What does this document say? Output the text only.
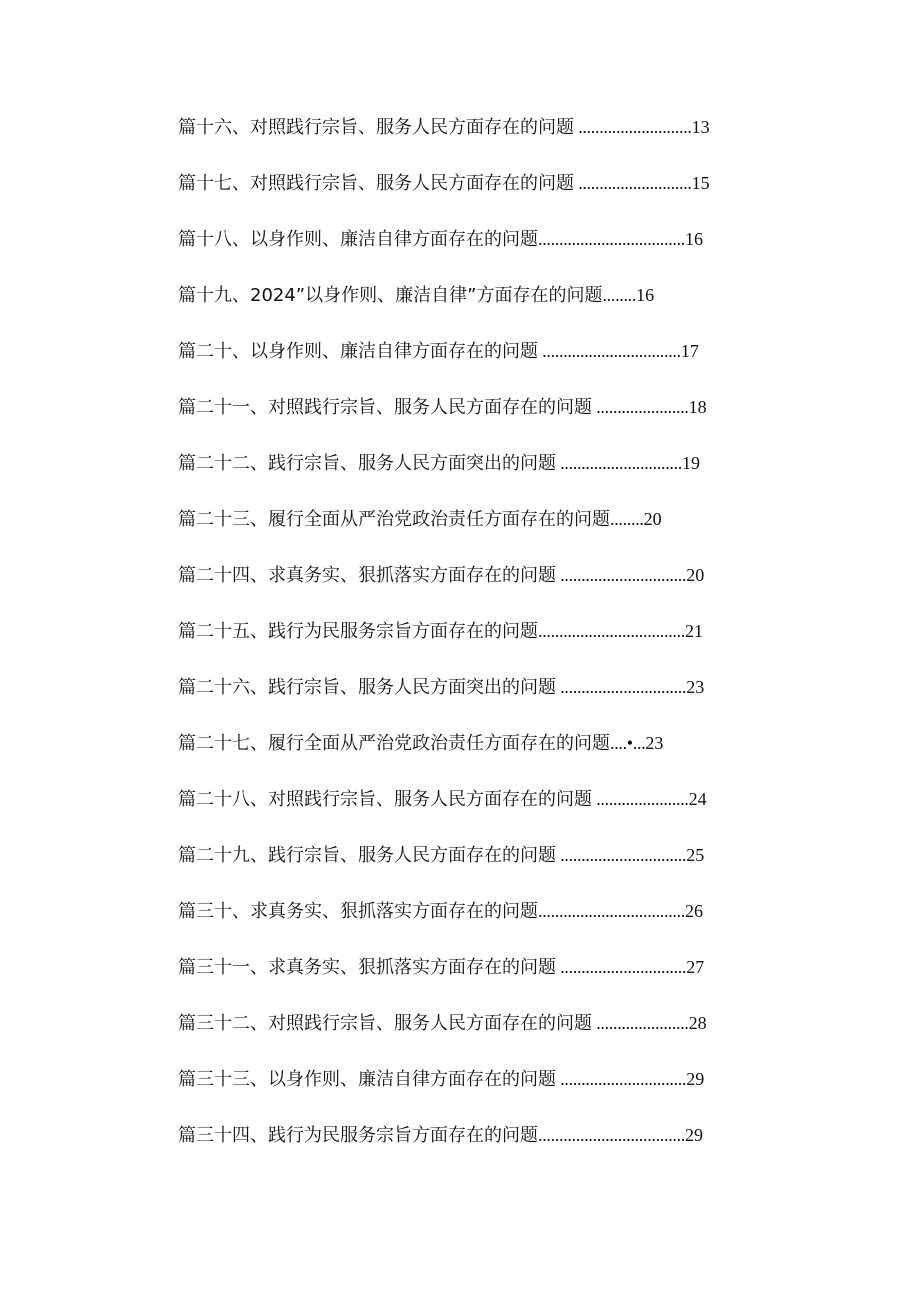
篇十六、对照践行宗旨、服务人民方面存在的问题 ...........................13
篇十七、对照践行宗旨、服务人民方面存在的问题 ...........................15
篇十八、以身作则、廉洁自律方面存在的问题...................................16
篇十九、2024”以身作则、廉洁自律”方面存在的问题........16
篇二十、以身作则、廉洁自律方面存在的问题 .................................17
篇二十一、对照践行宗旨、服务人民方面存在的问题 ......................18
篇二十二、践行宗旨、服务人民方面突出的问题 .............................19
篇二十三、履行全面从严治党政治责任方面存在的问题........20
篇二十四、求真务实、狠抓落实方面存在的问题 ..............................20
篇二十五、践行为民服务宗旨方面存在的问题...................................21
篇二十六、践行宗旨、服务人民方面突出的问题 ..............................23
篇二十七、履行全面从严治党政治责任方面存在的问题....•...23
篇二十八、对照践行宗旨、服务人民方面存在的问题 ......................24
篇二十九、践行宗旨、服务人民方面存在的问题 ..............................25
篇三十、求真务实、狠抓落实方面存在的问题...................................26
篇三十一、求真务实、狠抓落实方面存在的问题 ..............................27
篇三十二、对照践行宗旨、服务人民方面存在的问题 ......................28
篇三十三、以身作则、廉洁自律方面存在的问题 ..............................29
篇三十四、践行为民服务宗旨方面存在的问题...................................29
